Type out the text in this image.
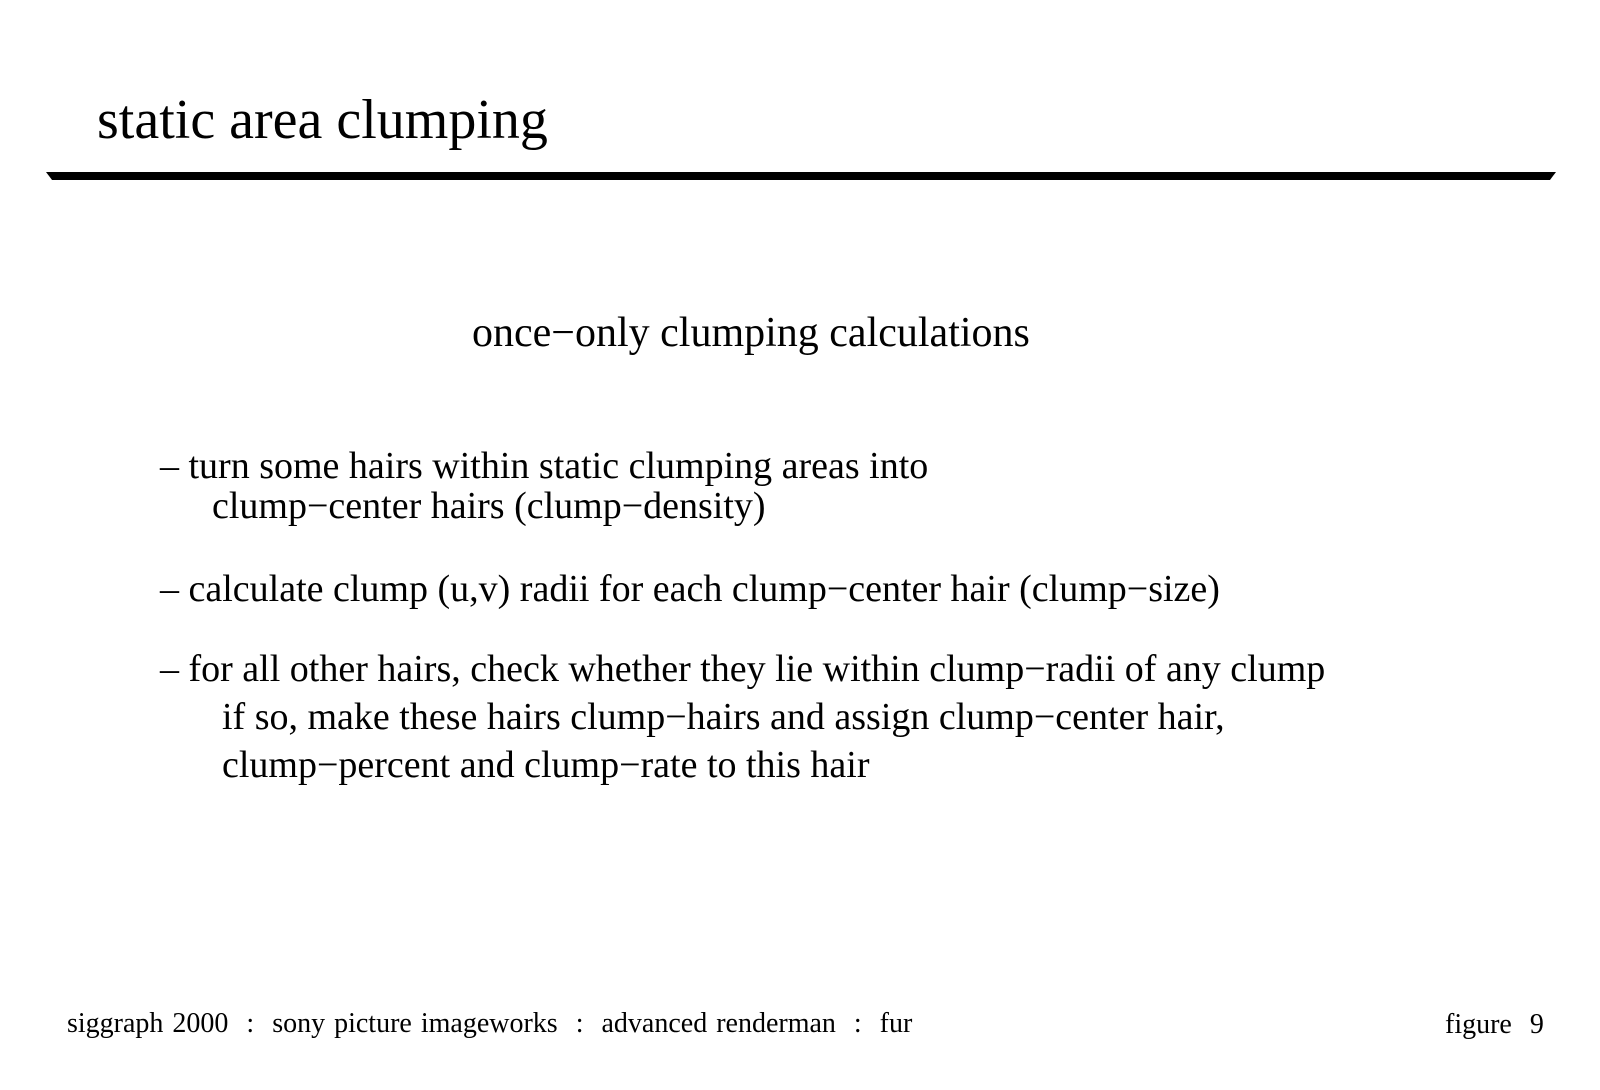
static area clumping
once−only clumping calculations
– turn some hairs within static clumping areas into
clump−center hairs (clump−density)
– calculate clump (u,v) radii for each clump−center hair (clump−size)
– for all other hairs, check whether they lie within clump−radii of any clump
if so, make these hairs clump−hairs and assign clump−center hair,
clump−percent and clump−rate to this hair
siggraph 2000  :  sony picture imageworks  :  advanced renderman  :  fur	figure 9
